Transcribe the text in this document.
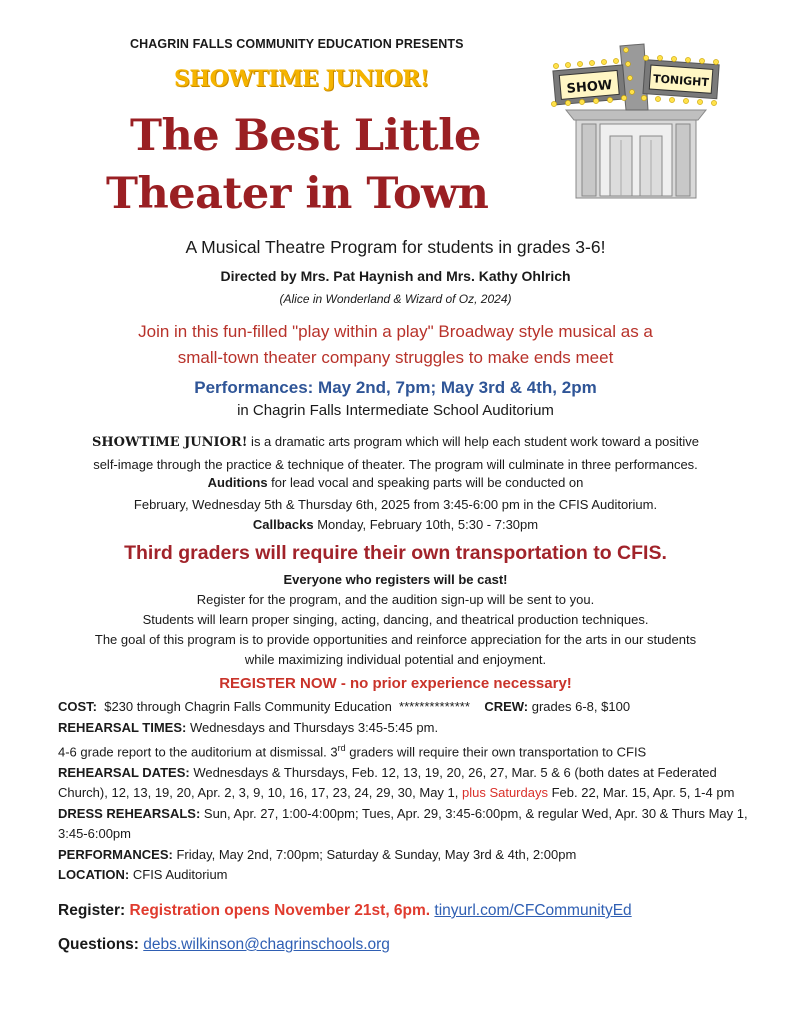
CHAGRIN FALLS COMMUNITY EDUCATION PRESENTS
SHOWTIME JUNIOR!
The Best Little
Theater in Town
SHOW	TONIGHT
A Musical Theatre Program for students in grades 3-6!
Directed by Mrs. Pat Haynish and Mrs. Kathy Ohlrich
(Alice in Wonderland & Wizard of Oz, 2024)
Join in this fun-filled "play within a play" Broadway style musical as a
small-town theater company struggles to make ends meet
Performances: May 2nd, 7pm; May 3rd & 4th, 2pm
in Chagrin Falls Intermediate School Auditorium
SHOWTIME JUNIOR! is a dramatic arts program which will help each student work toward a positive
self-image through the practice & technique of theater. The program will culminate in three performances.
Auditions for lead vocal and speaking parts will be conducted on
February, Wednesday 5th & Thursday 6th, 2025 from 3:45-6:00 pm in the CFIS Auditorium.
Callbacks Monday, February 10th, 5:30 - 7:30pm
Third graders will require their own transportation to CFIS.
Everyone who registers will be cast!
Register for the program, and the audition sign-up will be sent to you.
Students will learn proper singing, acting, dancing, and theatrical production techniques.
The goal of this program is to provide opportunities and reinforce appreciation for the arts in our students
while maximizing individual potential and enjoyment.
REGISTER NOW - no prior experience necessary!
COST:  $230 through Chagrin Falls Community Education  **************    CREW: grades 6-8, $100
REHEARSAL TIMES: Wednesdays and Thursdays 3:45-5:45 pm.
4-6 grade report to the auditorium at dismissal. 3rd graders will require their own transportation to CFIS
REHEARSAL DATES: Wednesdays & Thursdays, Feb. 12, 13, 19, 20, 26, 27, Mar. 5 & 6 (both dates at Federated Church), 12, 13, 19, 20, Apr. 2, 3, 9, 10, 16, 17, 23, 24, 29, 30, May 1, plus Saturdays Feb. 22, Mar. 15, Apr. 5, 1-4 pm
DRESS REHEARSALS: Sun, Apr. 27, 1:00-4:00pm; Tues, Apr. 29, 3:45-6:00pm, & regular Wed, Apr. 30 & Thurs May 1, 3:45-6:00pm
PERFORMANCES: Friday, May 2nd, 7:00pm; Saturday & Sunday, May 3rd & 4th, 2:00pm
LOCATION: CFIS Auditorium
Register: Registration opens November 21st, 6pm. tinyurl.com/CFCommunityEd
Questions: debs.wilkinson@chagrinschools.org
